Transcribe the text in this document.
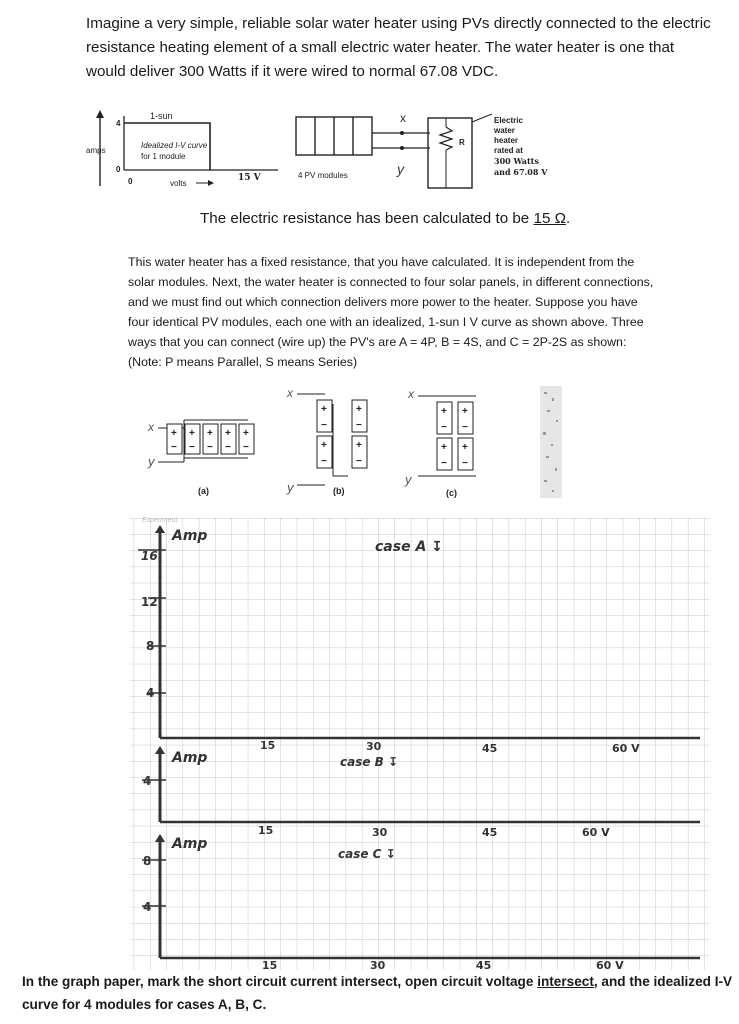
Imagine a very simple, reliable solar water heater using PVs directly connected to the electric resistance heating element of a small electric water heater. The water heater is one that would deliver 300 Watts if it were wired to normal 67.08 VDC.
1-sun
Idealized I-V curve
for 1 module
amps
4
0
0	volts
15 V	4 PV modules
x
y
R
Electric
water
heater
rated at
300 Watts
and 67.08 V
The electric resistance has been calculated to be 15 Ω.
This water heater has a fixed resistance, that you have calculated. It is independent from the solar modules. Next, the water heater is connected to four solar panels, in different connections, and we must find out which connection delivers more power to the heater. Suppose you have four identical PV modules, each one with an idealized, 1-sun I V curve as shown above. Three ways that you can connect (wire up) the PV's are A = 4P, B = 4S, and C = 2P-2S as shown: (Note: P means Parallel, S means Series)
x
y
+ + + + +
− − − − −
(a)
x
y
+
+
+
+
−
−
−
−
(b)
x
y
+ +
+ +
− −
− −
(c)
Experiment:
Amp
case A ↧
16
12
8
4
15	30	45	60 V
case B ↧
Amp
4
15	30	45	60 V
case C ↧
Amp
8
4
15	30	45	60 V
In the graph paper, mark the short circuit current intersect, open circuit voltage intersect, and the idealized I-V curve for 4 modules for cases A, B, C.
